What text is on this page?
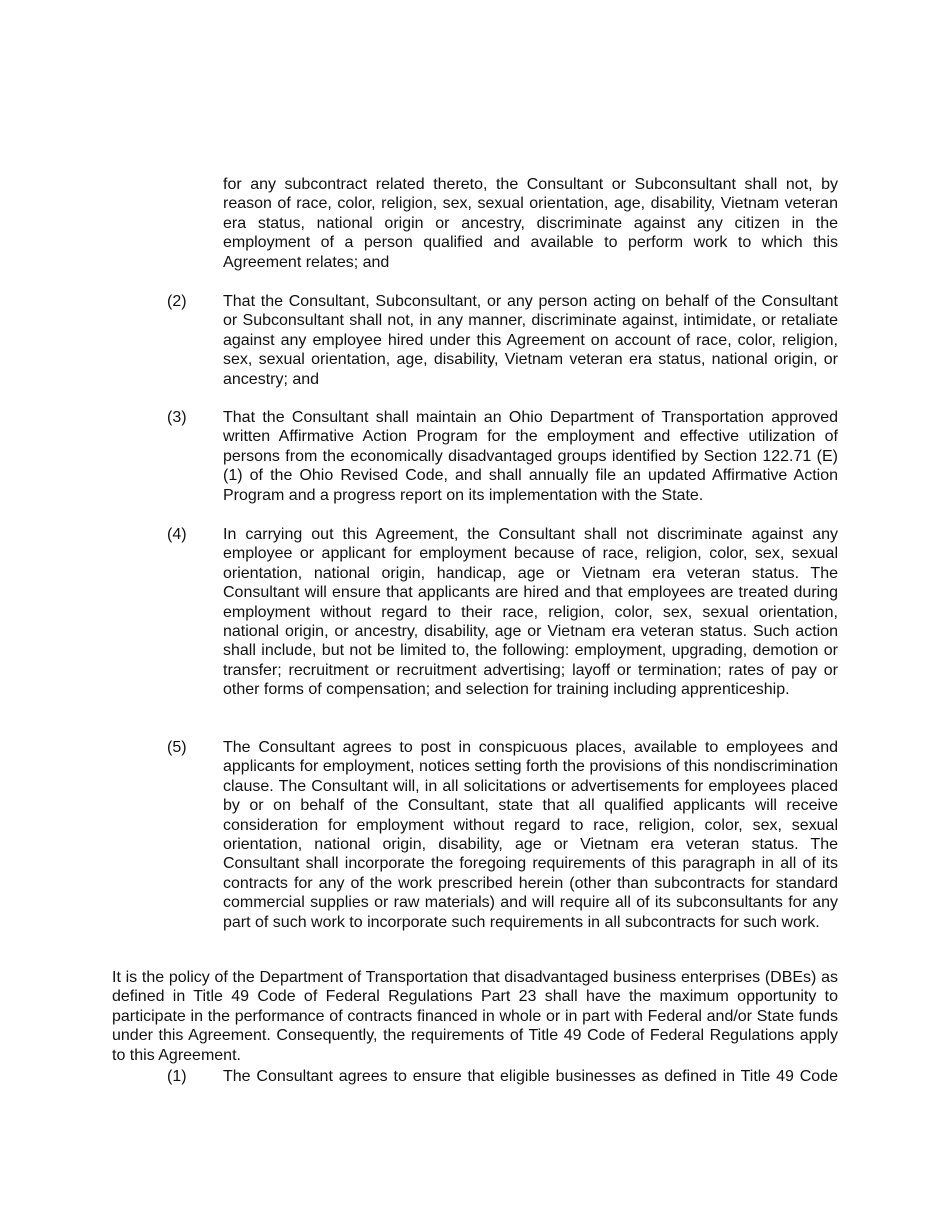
for any subcontract related thereto, the Consultant or Subconsultant shall not, by reason of race, color, religion, sex, sexual orientation, age, disability, Vietnam veteran era status, national origin or ancestry, discriminate against any citizen in the employment of a person qualified and available to perform work to which this Agreement relates; and
(2)	That the Consultant, Subconsultant, or any person acting on behalf of the Consultant or Subconsultant shall not, in any manner, discriminate against, intimidate, or retaliate against any employee hired under this Agreement on account of race, color, religion, sex, sexual orientation, age, disability, Vietnam veteran era status, national origin, or ancestry; and
(3)	That the Consultant shall maintain an Ohio Department of Transportation approved written Affirmative Action Program for the employment and effective utilization of persons from the economically disadvantaged groups identified by Section 122.71 (E)(1) of the Ohio Revised Code, and shall annually file an updated Affirmative Action Program and a progress report on its implementation with the State.
(4)	In carrying out this Agreement, the Consultant shall not discriminate against any employee or applicant for employment because of race, religion, color, sex, sexual orientation, national origin, handicap, age or Vietnam era veteran status. The Consultant will ensure that applicants are hired and that employees are treated during employment without regard to their race, religion, color, sex, sexual orientation, national origin, or ancestry, disability, age or Vietnam era veteran status. Such action shall include, but not be limited to, the following: employment, upgrading, demotion or transfer; recruitment or recruitment advertising; layoff or termination; rates of pay or other forms of compensation; and selection for training including apprenticeship.
(5)	The Consultant agrees to post in conspicuous places, available to employees and applicants for employment, notices setting forth the provisions of this nondiscrimination clause. The Consultant will, in all solicitations or advertisements for employees placed by or on behalf of the Consultant, state that all qualified applicants will receive consideration for employment without regard to race, religion, color, sex, sexual orientation, national origin, disability, age or Vietnam era veteran status. The Consultant shall incorporate the foregoing requirements of this paragraph in all of its contracts for any of the work prescribed herein (other than subcontracts for standard commercial supplies or raw materials) and will require all of its subconsultants for any part of such work to incorporate such requirements in all subcontracts for such work.
It is the policy of the Department of Transportation that disadvantaged business enterprises (DBEs) as defined in Title 49 Code of Federal Regulations Part 23 shall have the maximum opportunity to participate in the performance of contracts financed in whole or in part with Federal and/or State funds under this Agreement. Consequently, the requirements of Title 49 Code of Federal Regulations apply to this Agreement.
(1)	The Consultant agrees to ensure that eligible businesses as defined in Title 49 Code
